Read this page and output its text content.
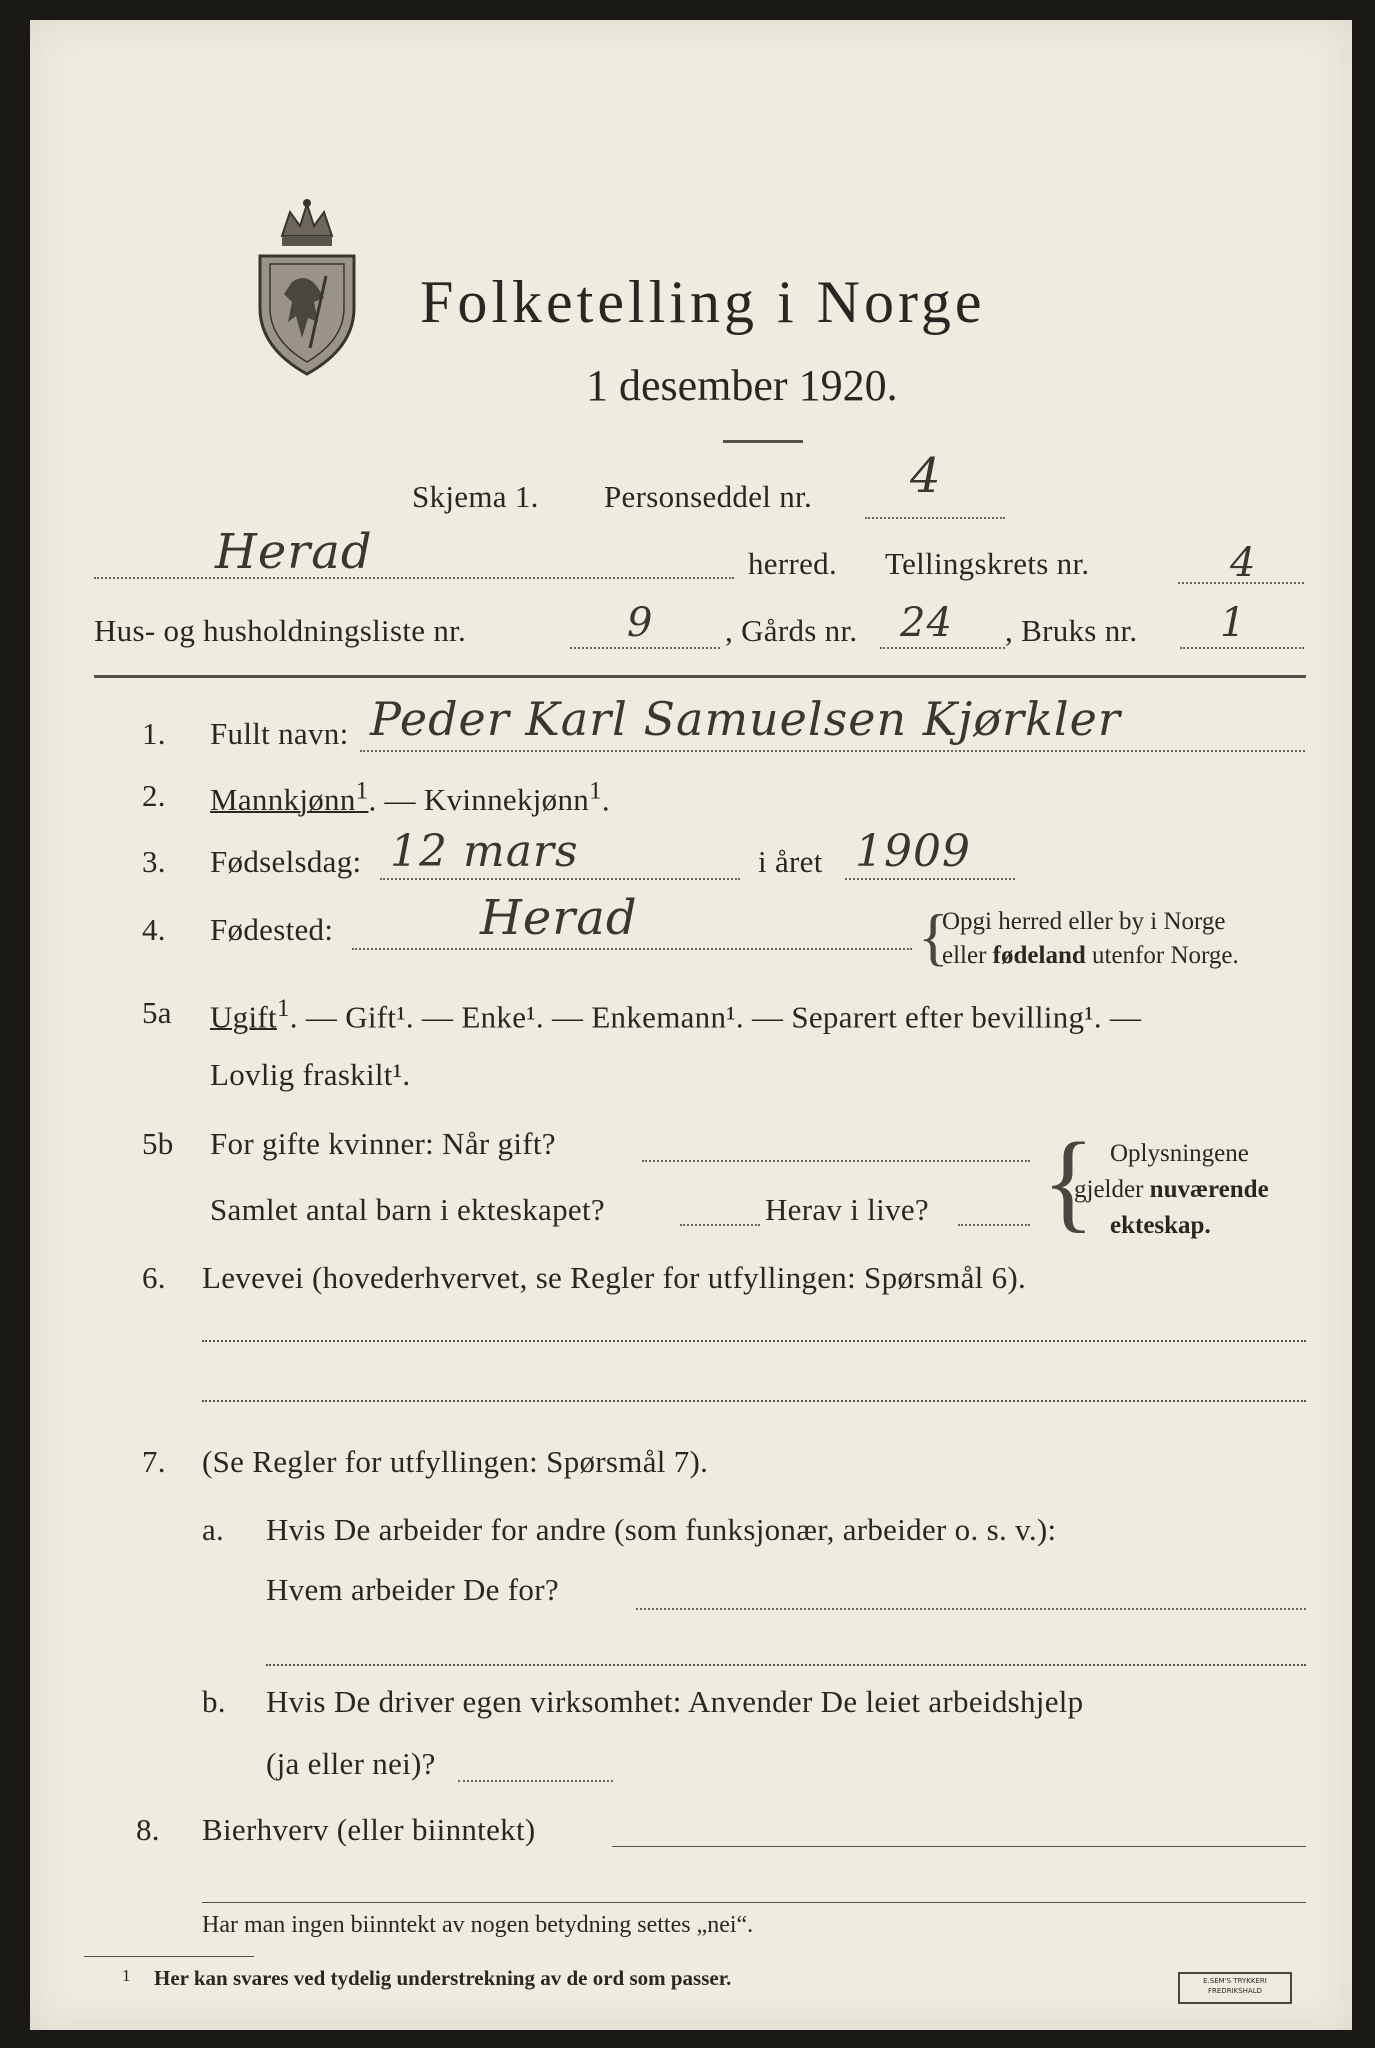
Folketelling i Norge
1 desember 1920.
Skjema 1. Personseddel nr. 4
Herad	herred. Tellingskrets nr.	4
Hus- og husholdningsliste nr.	9 , Gårds nr. 24 , Bruks nr. 1
1. Fullt navn: Peder Karl Samuelsen Kjørkler
2. Mannkjønn$^1$. — Kvinnekjønn$^1$.
3. Fødselsdag: 12 mars	i året 1909
4. Fødested:	Herad	{
Opgi herred eller by i Norge
eller fødeland utenfor Norge.
5a Ugift$^1$. — Gift¹. — Enke¹. — Enkemann¹. — Separert efter bevilling¹. —
Lovlig fraskilt¹.
5b For gifte kvinner: Når gift?
Samlet antal barn i ekteskapet?	Herav i live? { Oplysningene
gjelder nuværende
ekteskap.
6. Levevei (hovederhvervet, se Regler for utfyllingen: Spørsmål 6).
7. (Se Regler for utfyllingen: Spørsmål 7).
a. Hvis De arbeider for andre (som funksjonær, arbeider o. s. v.):
Hvem arbeider De for?
b. Hvis De driver egen virksomhet: Anvender De leiet arbeidshjelp
(ja eller nei)?
8. Bierhverv (eller biinntekt)
Har man ingen biinntekt av nogen betydning settes „nei“.
1 Her kan svares ved tydelig understrekning av de ord som passer.	E.SEM'S TRYKKERI
FREDRIKSHALD
